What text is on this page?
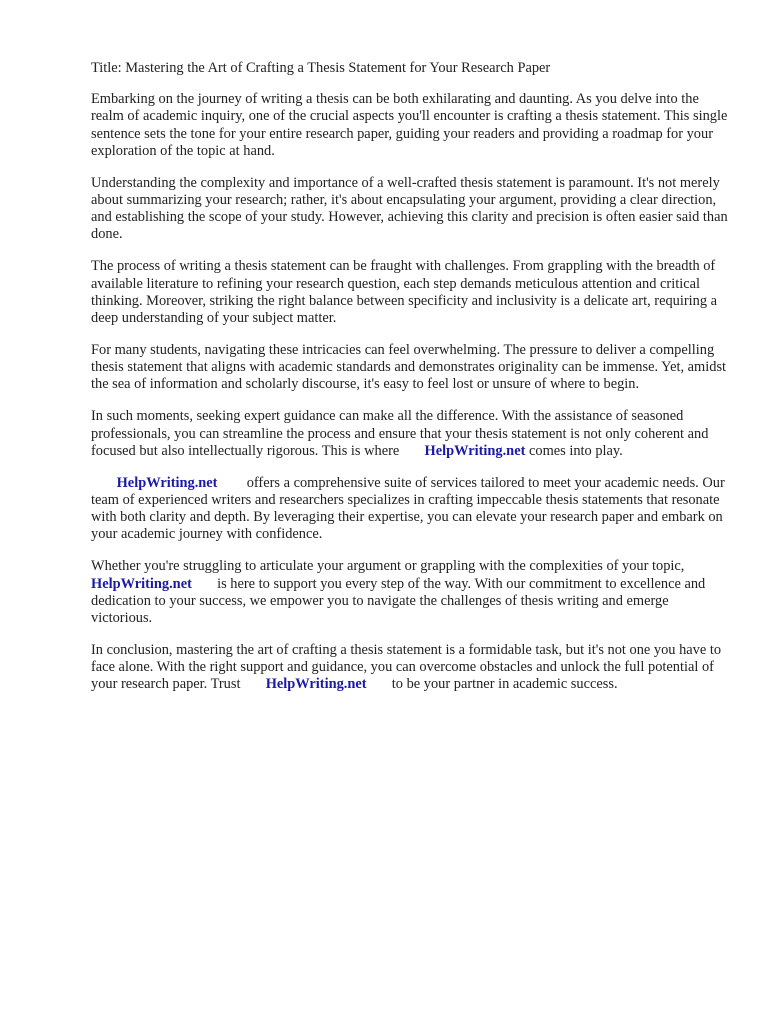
Title: Mastering the Art of Crafting a Thesis Statement for Your Research Paper

Embarking on the journey of writing a thesis can be both exhilarating and daunting. As you delve into the realm of academic inquiry, one of the crucial aspects you'll encounter is crafting a thesis statement. This single sentence sets the tone for your entire research paper, guiding your readers and providing a roadmap for your exploration of the topic at hand.

Understanding the complexity and importance of a well-crafted thesis statement is paramount. It's not merely about summarizing your research; rather, it's about encapsulating your argument, providing a clear direction, and establishing the scope of your study. However, achieving this clarity and precision is often easier said than done.

The process of writing a thesis statement can be fraught with challenges. From grappling with the breadth of available literature to refining your research question, each step demands meticulous attention and critical thinking. Moreover, striking the right balance between specificity and inclusivity is a delicate art, requiring a deep understanding of your subject matter.

For many students, navigating these intricacies can feel overwhelming. The pressure to deliver a compelling thesis statement that aligns with academic standards and demonstrates originality can be immense. Yet, amidst the sea of information and scholarly discourse, it's easy to feel lost or unsure of where to begin.

In such moments, seeking expert guidance can make all the difference. With the assistance of seasoned professionals, you can streamline the process and ensure that your thesis statement is not only coherent and focused but also intellectually rigorous. This is where HelpWriting.net comes into play.

HelpWriting.net offers a comprehensive suite of services tailored to meet your academic needs. Our team of experienced writers and researchers specializes in crafting impeccable thesis statements that resonate with both clarity and depth. By leveraging their expertise, you can elevate your research paper and embark on your academic journey with confidence.

Whether you're struggling to articulate your argument or grappling with the complexities of your topic,  HelpWriting.net is here to support you every step of the way. With our commitment to excellence and dedication to your success, we empower you to navigate the challenges of thesis writing and emerge victorious.

In conclusion, mastering the art of crafting a thesis statement is a formidable task, but it's not one you have to face alone. With the right support and guidance, you can overcome obstacles and unlock the full potential of your research paper. Trust HelpWriting.net to be your partner in academic success.
